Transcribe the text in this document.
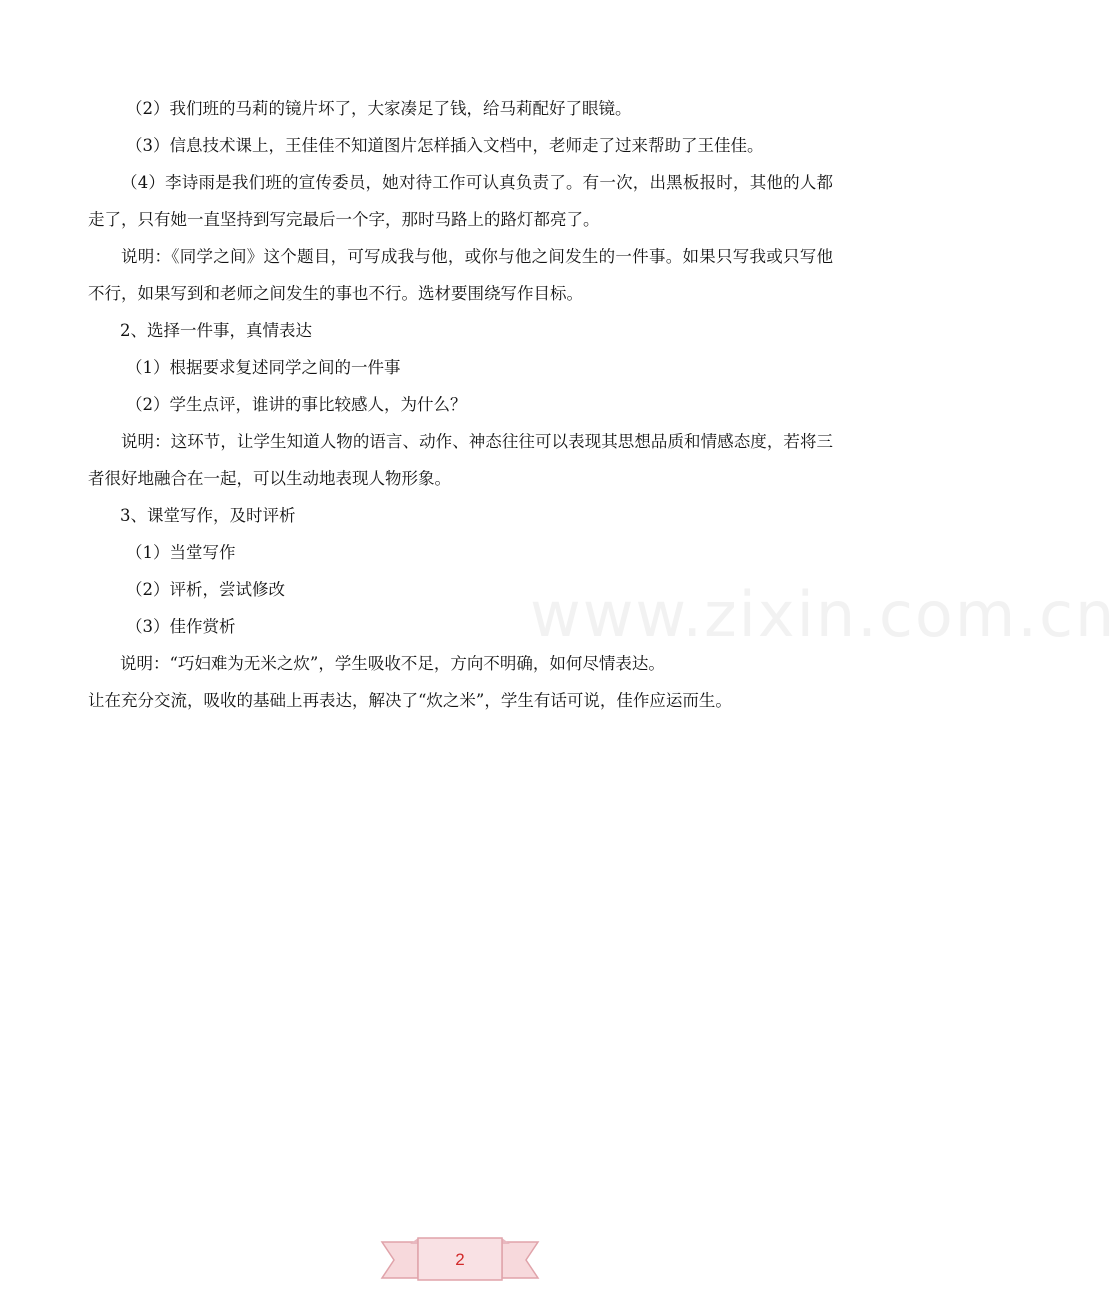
（2）我们班的马莉的镜片坏了，大家凑足了钱，给马莉配好了眼镜。
（3）信息技术课上，王佳佳不知道图片怎样插入文档中，老师走了过来帮助了王佳佳。
（4）李诗雨是我们班的宣传委员，她对待工作可认真负责了。有一次，出黑板报时，其他的人都走了，只有她一直坚持到写完最后一个字，那时马路上的路灯都亮了。
说明：《同学之间》这个题目，可写成我与他，或你与他之间发生的一件事。如果只写我或只写他不行，如果写到和老师之间发生的事也不行。选材要围绕写作目标。
2、选择一件事，真情表达
（1）根据要求复述同学之间的一件事
（2）学生点评，谁讲的事比较感人，为什么？
说明：这环节，让学生知道人物的语言、动作、神态往往可以表现其思想品质和情感态度，若将三者很好地融合在一起，可以生动地表现人物形象。
3、课堂写作，及时评析
（1）当堂写作
（2）评析，尝试修改
（3）佳作赏析
说明：“巧妇难为无米之炊”，学生吸收不足，方向不明确，如何尽情表达。
让在充分交流，吸收的基础上再表达，解决了“炊之米”，学生有话可说，佳作应运而生。
www.zixin.com.cn
2
